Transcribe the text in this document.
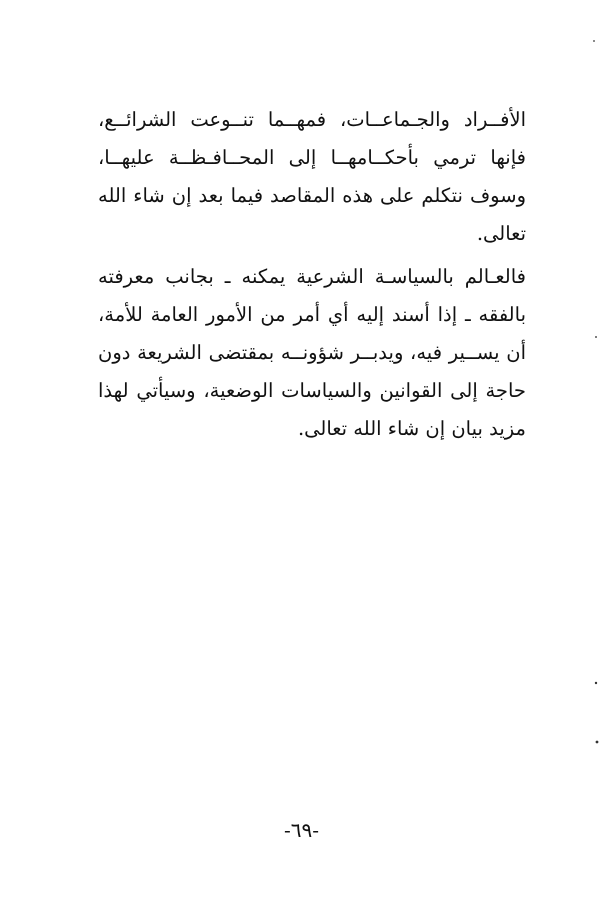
الأفــراد والجـماعــات، فمهــما تنــوعت الشرائــع،
فإنها ترمي بأحكــامهــا إلى المحــافـظــة عليهــا،
وسوف نتكلم على هذه المقاصد فيما بعد إن شاء الله
تعالى.
فالعـالم بالسياسـة الشرعية يمكنه ـ بجانب معرفته
بالفقه ـ إذا أسند إليه أي أمر من الأمور العامة للأمة،
أن يســير فيه، ويدبــر شؤونــه بمقتضى الشريعة دون
حاجة إلى القوانين والسياسات الوضعية، وسيأتي لهذا
مزيد بيان إن شاء الله تعالى.
-٦٩-
